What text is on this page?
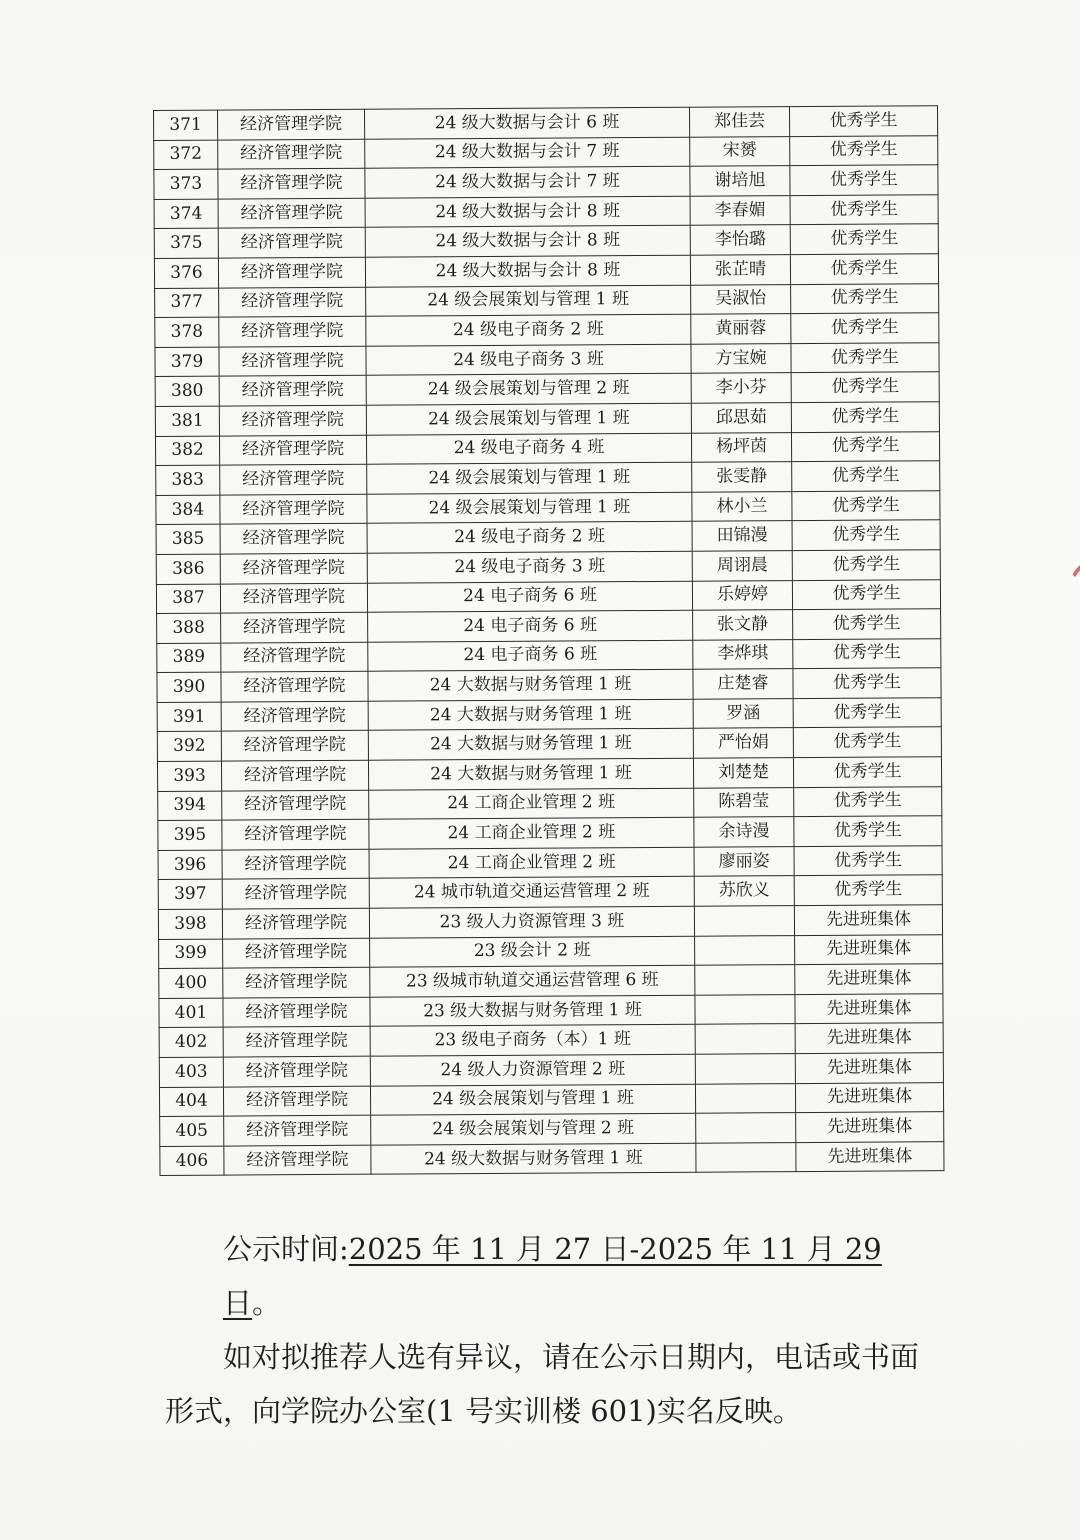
371	经济管理学院	24 级大数据与会计 6 班	郑佳芸	优秀学生
372	经济管理学院	24 级大数据与会计 7 班	宋赟	优秀学生
373	经济管理学院	24 级大数据与会计 7 班	谢培旭	优秀学生
374	经济管理学院	24 级大数据与会计 8 班	李春媚	优秀学生
375	经济管理学院	24 级大数据与会计 8 班	李怡璐	优秀学生
376	经济管理学院	24 级大数据与会计 8 班	张芷晴	优秀学生
377	经济管理学院	24 级会展策划与管理 1 班	吴淑怡	优秀学生
378	经济管理学院	24 级电子商务 2 班	黄丽蓉	优秀学生
379	经济管理学院	24 级电子商务 3 班	方宝婉	优秀学生
380	经济管理学院	24 级会展策划与管理 2 班	李小芬	优秀学生
381	经济管理学院	24 级会展策划与管理 1 班	邱思茹	优秀学生
382	经济管理学院	24 级电子商务 4 班	杨坪茵	优秀学生
383	经济管理学院	24 级会展策划与管理 1 班	张雯静	优秀学生
384	经济管理学院	24 级会展策划与管理 1 班	林小兰	优秀学生
385	经济管理学院	24 级电子商务 2 班	田锦漫	优秀学生
386	经济管理学院	24 级电子商务 3 班	周诩晨	优秀学生
387	经济管理学院	24 电子商务 6 班	乐婷婷	优秀学生
388	经济管理学院	24 电子商务 6 班	张文静	优秀学生
389	经济管理学院	24 电子商务 6 班	李烨琪	优秀学生
390	经济管理学院	24 大数据与财务管理 1 班	庄楚睿	优秀学生
391	经济管理学院	24 大数据与财务管理 1 班	罗涵	优秀学生
392	经济管理学院	24 大数据与财务管理 1 班	严怡娟	优秀学生
393	经济管理学院	24 大数据与财务管理 1 班	刘楚楚	优秀学生
394	经济管理学院	24 工商企业管理 2 班	陈碧莹	优秀学生
395	经济管理学院	24 工商企业管理 2 班	余诗漫	优秀学生
396	经济管理学院	24 工商企业管理 2 班	廖丽姿	优秀学生
397	经济管理学院	24 城市轨道交通运营管理 2 班	苏欣义	优秀学生
398	经济管理学院	23 级人力资源管理 3 班		先进班集体
399	经济管理学院	23 级会计 2 班		先进班集体
400	经济管理学院	23 级城市轨道交通运营管理 6 班		先进班集体
401	经济管理学院	23 级大数据与财务管理 1 班		先进班集体
402	经济管理学院	23 级电子商务（本）1 班		先进班集体
403	经济管理学院	24 级人力资源管理 2 班		先进班集体
404	经济管理学院	24 级会展策划与管理 1 班		先进班集体
405	经济管理学院	24 级会展策划与管理 2 班		先进班集体
406	经济管理学院	24 级大数据与财务管理 1 班		先进班集体

公示时间:2025 年 11 月 27 日-2025 年 11 月 29 日。

如对拟推荐人选有异议，请在公示日期内，电话或书面

形式，向学院办公室(1 号实训楼 601)实名反映。
